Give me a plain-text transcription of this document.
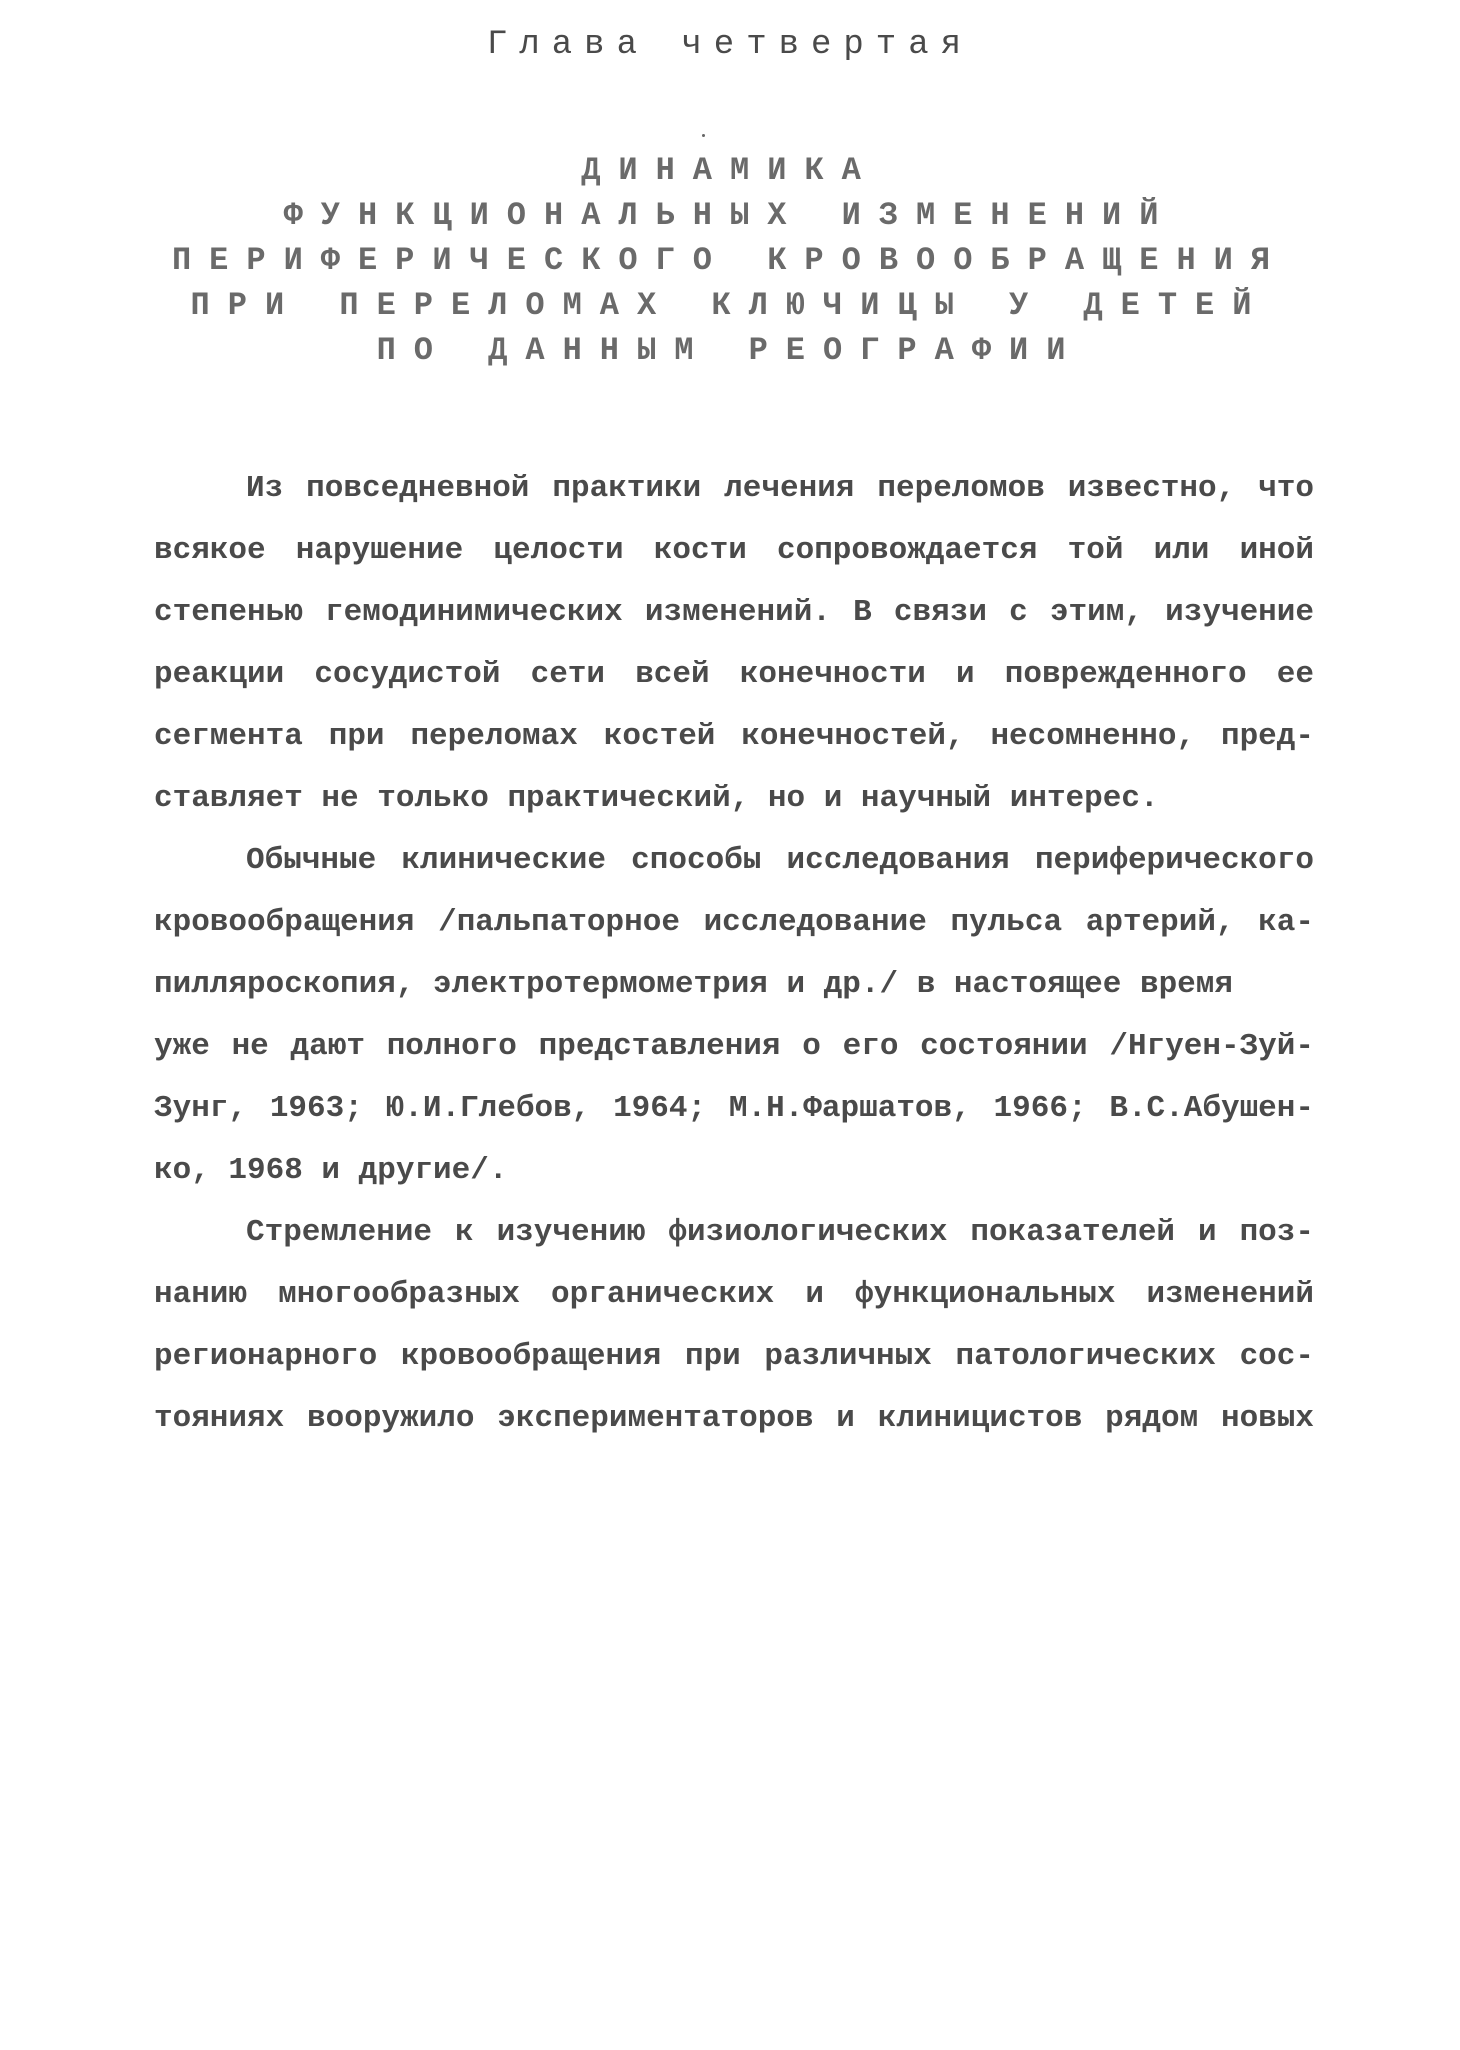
Глава четвертая
ДИНАМИКА
ФУНКЦИОНАЛЬНЫХ ИЗМЕНЕНИЙ
ПЕРИФЕРИЧЕСКОГО КРОВООБРАЩЕНИЯ
ПРИ ПЕРЕЛОМАХ КЛЮЧИЦЫ У ДЕТЕЙ
ПО ДАННЫМ РЕОГРАФИИ
Из повседневной практики лечения переломов известно, что
всякое нарушение целости кости сопровождается той или иной
степенью гемодинимических изменений. В связи с этим, изучение
реакции сосудистой сети всей конечности и поврежденного ее
сегмента при переломах костей конечностей, несомненно, пред-
ставляет не только практический, но и научный интерес.
Обычные клинические способы исследования периферического
кровообращения /пальпаторное исследование пульса артерий, ка-
пиллярoскопия, электротермометрия и др./ в настоящее время
уже не дают полного представления о его состоянии /Нгуен-Зуй-
Зунг, 1963; Ю.И.Глебов, 1964; М.Н.Фаршатов, 1966; В.С.Абушен-
ко, 1968 и другие/.
Стремление к изучению физиологических показателей и поз-
нанию многообразных органических и функциональных изменений
регионарного кровообращения при различных патологических сос-
тояниях вооружило экспериментаторов и клиницистов рядом новых
